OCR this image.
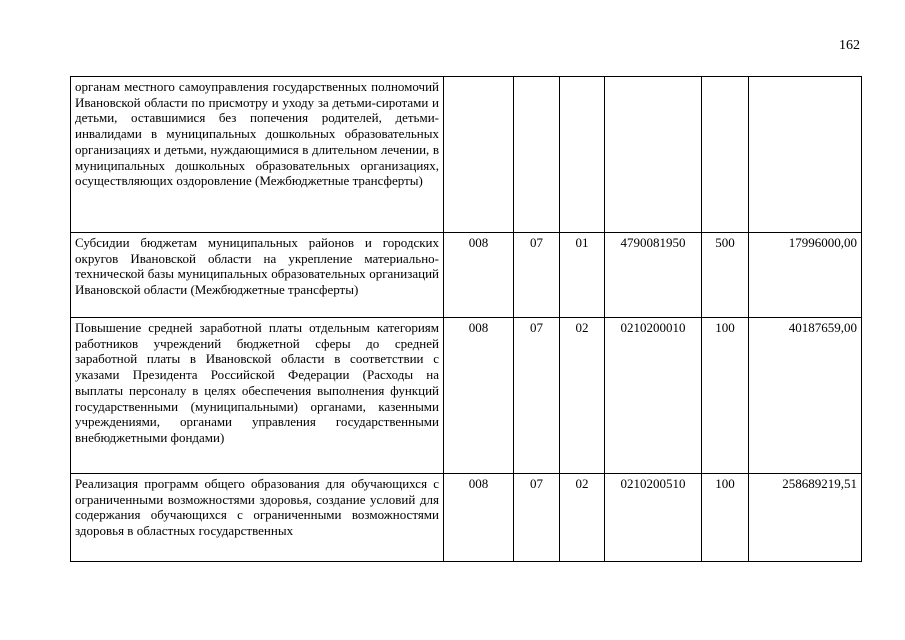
162
органам местного самоуправления государственных полномочий Ивановской области по присмотру и уходу за детьми-сиротами и детьми, оставшимися без попечения родителей, детьми-инвалидами в муниципальных дошкольных образовательных организациях и детьми, нуждающимися в длительном лечении, в муниципальных дошкольных образовательных организациях, осуществляющих оздоровление (Межбюджетные трансферты)						
Субсидии бюджетам муниципальных районов и городских округов Ивановской области на укрепление материально-технической базы муниципальных образовательных организаций Ивановской области (Межбюджетные трансферты)	008	07	01	4790081950	500	17996000,00
Повышение средней заработной платы отдельным категориям работников учреждений бюджетной сферы до средней заработной платы в Ивановской области в соответствии с указами Президента Российской Федерации (Расходы на выплаты персоналу в целях обеспечения выполнения функций государственными (муниципальными) органами, казенными учреждениями, органами управления государственными внебюджетными фондами)	008	07	02	0210200010	100	40187659,00

Реализация программ общего образования для обучающихся с ограниченными возможностями здоровья, создание условий для содержания обучающихся с ограниченными возможностями здоровья в областных государственных	008	07	02	0210200510	100	258689219,51
